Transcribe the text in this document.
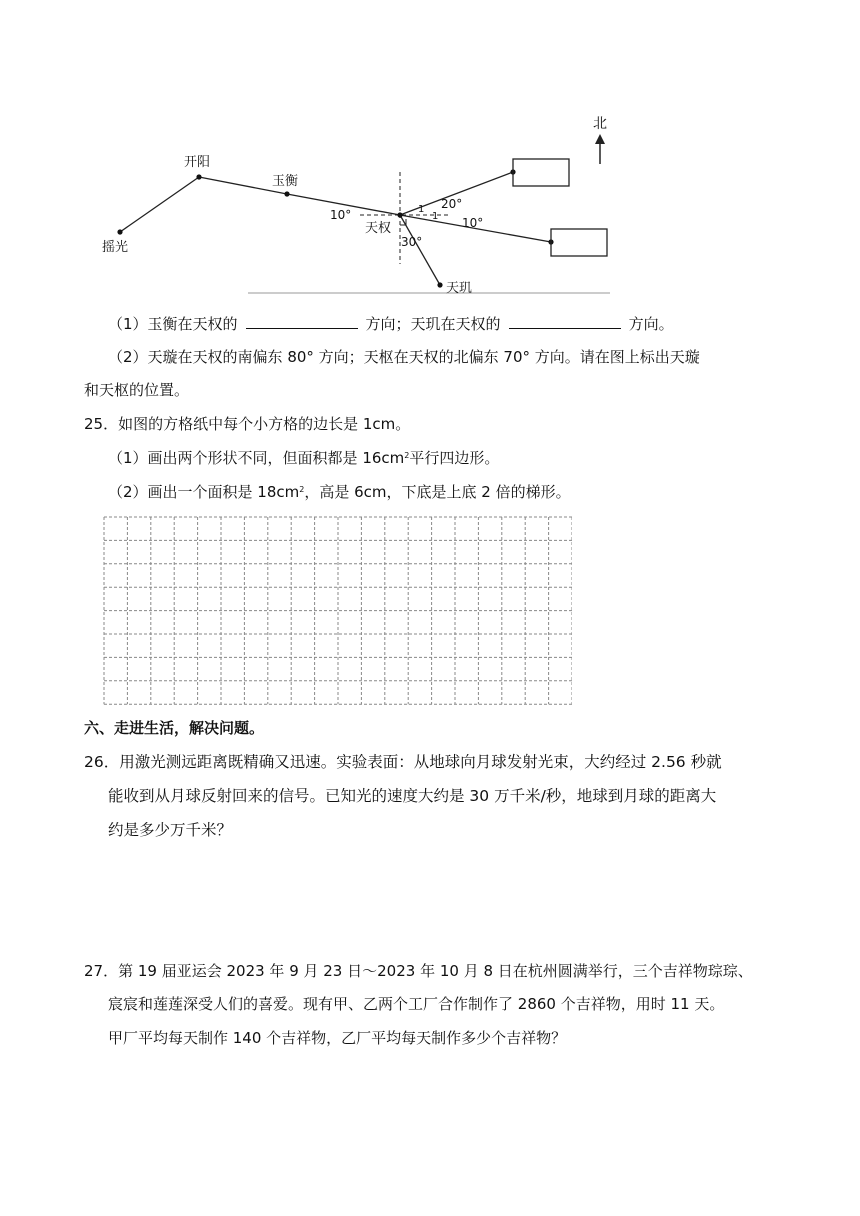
北
开阳
玉衡
摇光
天权
天玑
10°
20°
10°
30°
1
1
（1）玉衡在天权的	方向；天玑在天权的	方向。
（2）天璇在天权的南偏东 80° 方向；天枢在天权的北偏东 70° 方向。请在图上标出天璇
和天枢的位置。
25．如图的方格纸中每个小方格的边长是 1cm。
（1）画出两个形状不同，但面积都是 $16cm^2$平行四边形。
（2）画出一个面积是 $18cm^2$，高是 6cm，下底是上底 2 倍的梯形。
六、走进生活，解决问题。
26．用激光测远距离既精确又迅速。实验表面：从地球向月球发射光束，大约经过 2.56 秒就
能收到从月球反射回来的信号。已知光的速度大约是 30 万千米/秒，地球到月球的距离大
约是多少万千米？
27．第 19 届亚运会 2023 年 9 月 23 日～2023 年 10 月 8 日在杭州圆满举行，三个吉祥物琮琮、
宸宸和莲莲深受人们的喜爱。现有甲、乙两个工厂合作制作了 2860 个吉祥物，用时 11 天。
甲厂平均每天制作 140 个吉祥物，乙厂平均每天制作多少个吉祥物？
